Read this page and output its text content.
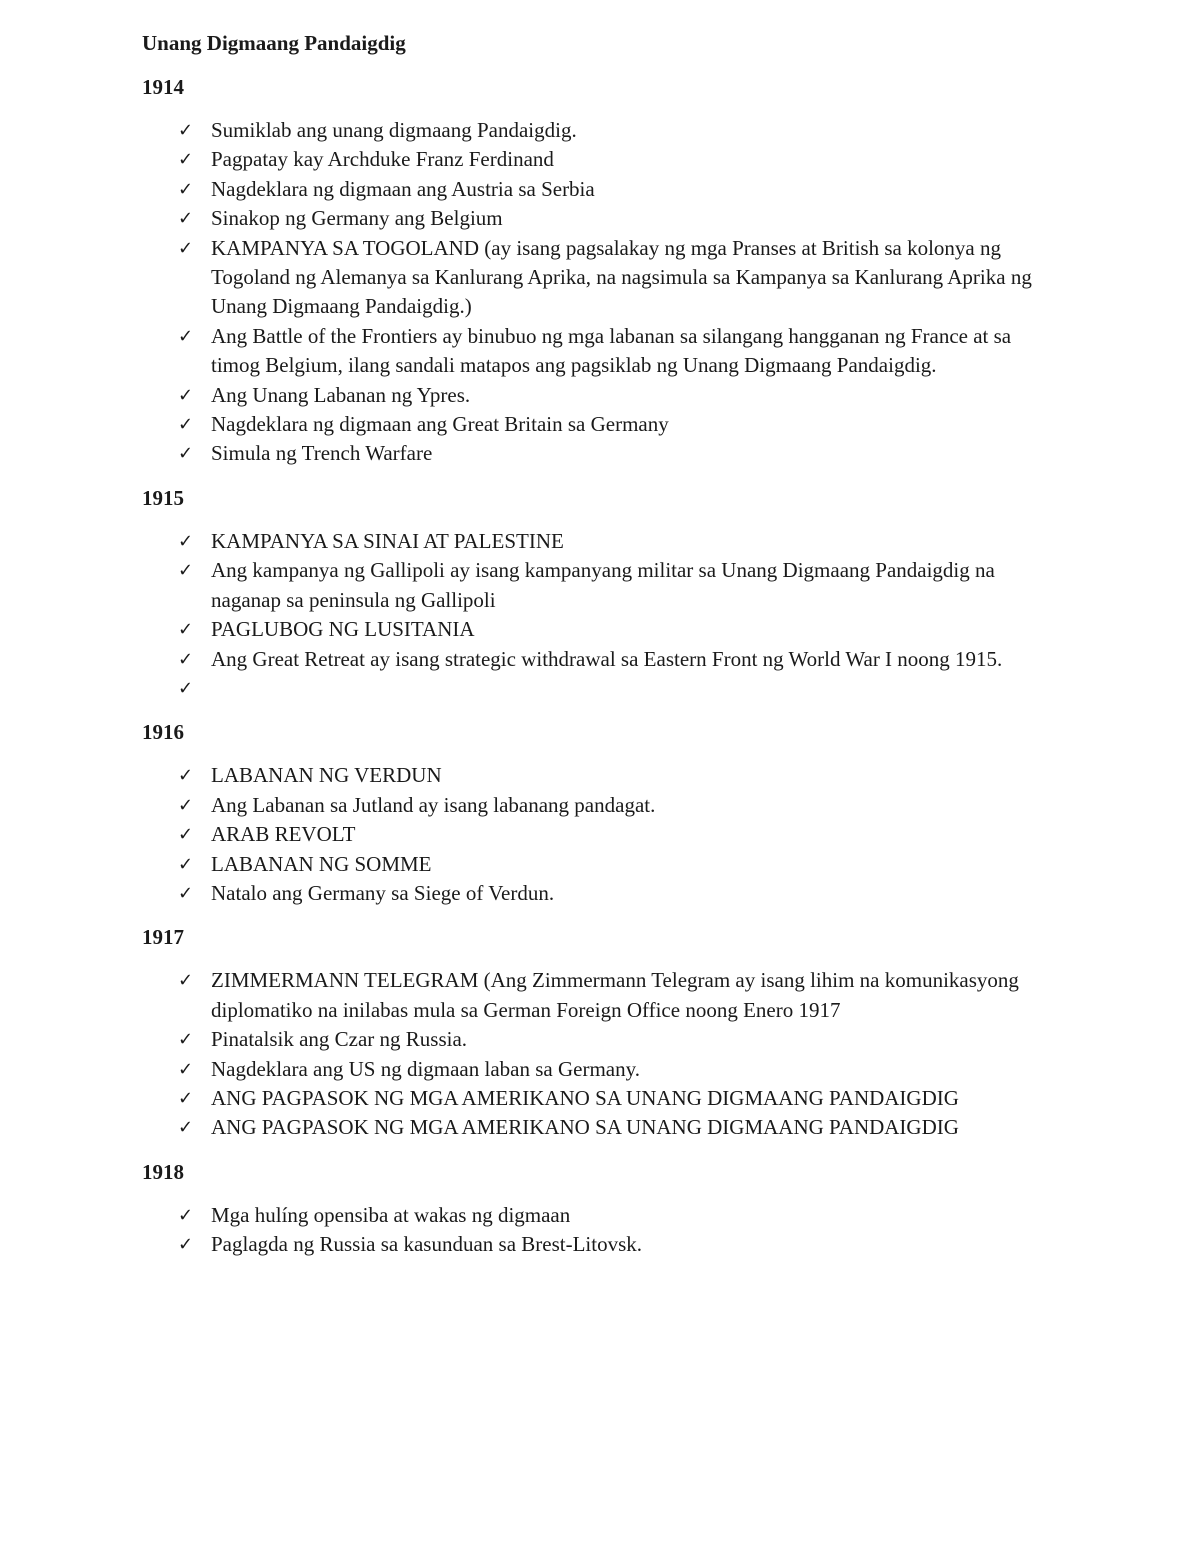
Unang Digmaang Pandaigdig
1914
✓ Sumiklab ang unang digmaang Pandaigdig.
✓ Pagpatay kay Archduke Franz Ferdinand
✓ Nagdeklara ng digmaan ang Austria sa Serbia
✓ Sinakop ng Germany ang Belgium
✓ KAMPANYA SA TOGOLAND (ay isang pagsalakay ng mga Pranses at British sa kolonya ng Togoland ng Alemanya sa Kanlurang Aprika, na nagsimula sa Kampanya sa Kanlurang Aprika ng Unang Digmaang Pandaigdig.)
✓ Ang Battle of the Frontiers ay binubuo ng mga labanan sa silangang hangganan ng France at sa timog Belgium, ilang sandali matapos ang pagsiklab ng Unang Digmaang Pandaigdig.
✓ Ang Unang Labanan ng Ypres.
✓ Nagdeklara ng digmaan ang Great Britain sa Germany
✓ Simula ng Trench Warfare
1915
✓ KAMPANYA SA SINAI AT PALESTINE
✓ Ang kampanya ng Gallipoli ay isang kampanyang militar sa Unang Digmaang Pandaigdig na naganap sa peninsula ng Gallipoli
✓ PAGLUBOG NG LUSITANIA
✓ Ang Great Retreat ay isang strategic withdrawal sa Eastern Front ng World War I noong 1915.
✓
1916
✓ LABANAN NG VERDUN
✓ Ang Labanan sa Jutland ay isang labanang pandagat.
✓ ARAB REVOLT
✓ LABANAN NG SOMME
✓ Natalo ang Germany sa Siege of Verdun.
1917
✓ ZIMMERMANN TELEGRAM (Ang Zimmermann Telegram ay isang lihim na komunikasyong diplomatiko na inilabas mula sa German Foreign Office noong Enero 1917
✓ Pinatalsik ang Czar ng Russia.
✓ Nagdeklara ang US ng digmaan laban sa Germany.
✓ ANG PAGPASOK NG MGA AMERIKANO SA UNANG DIGMAANG PANDAIGDIG
✓ ANG PAGPASOK NG MGA AMERIKANO SA UNANG DIGMAANG PANDAIGDIG
1918
✓ Mga hulíng opensiba at wakas ng digmaan
✓ Paglagda ng Russia sa kasunduan sa Brest-Litovsk.
